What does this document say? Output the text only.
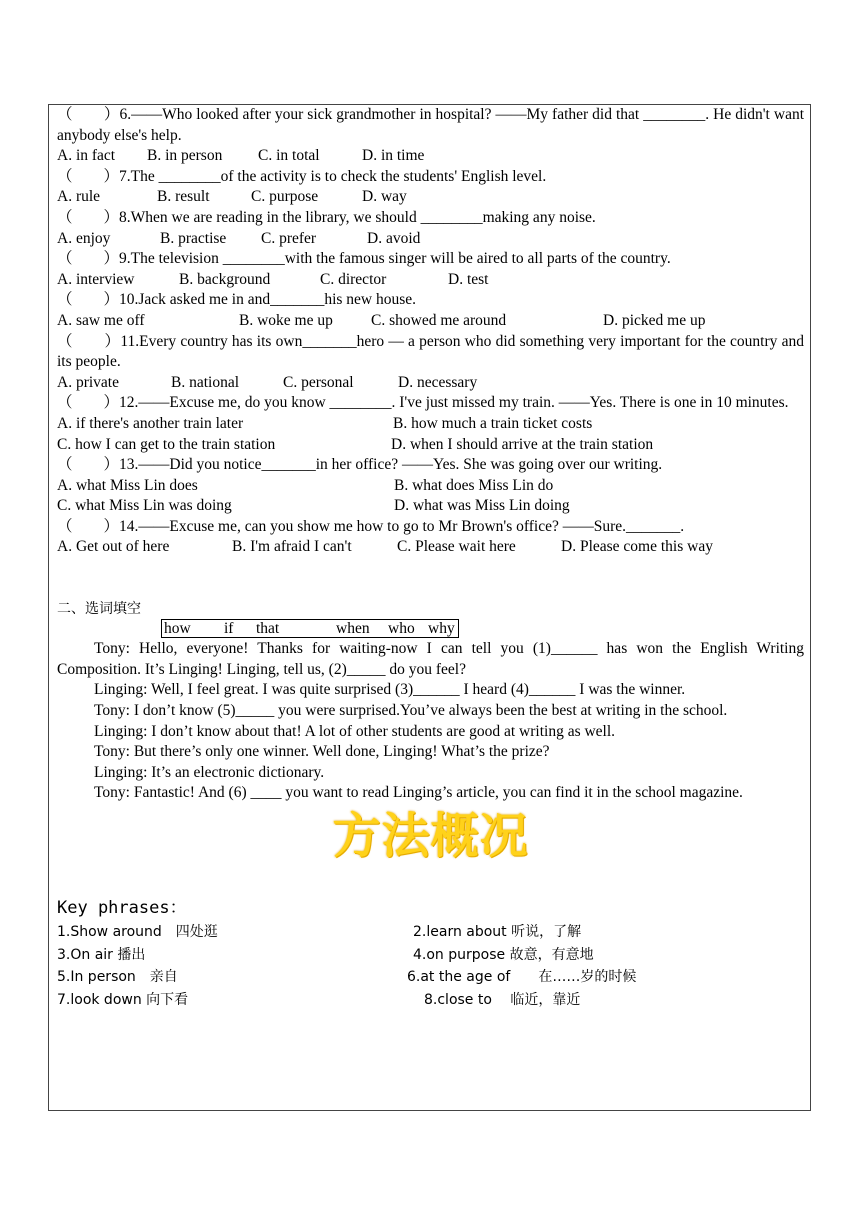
（　　）6.——Who looked after your sick grandmother in hospital? ——My father did that ________. He didn't want anybody else's help.
A. in fact B. in person C. in total	D. in time
（　　）7.The ________of the activity is to check the students' English level.
A. rule	B. result	C. purpose	D. way
（　　）8.When we are reading in the library, we should ________making any noise.
A. enjoy	B. practise C. prefer	D. avoid
（　　）9.The television ________with the famous singer will be aired to all parts of the country.
A. interview	B. background	C. director	D. test
（　　）10.Jack asked me in and_______his new house.
A. saw me off	B. woke me up C. showed me around	D. picked me up
（　　）11.Every country has its own_______hero — a person who did something very important for the country and its people.
A. private	B. national	C. personal	D. necessary
（　　）12.——Excuse me, do you know ________. I've just missed my train. ——Yes. There is one in 10 minutes.
A. if there's another train later	B. how much a train ticket costs
C. how I can get to the train station	D. when I should arrive at the train station
（　　）13.——Did you notice_______in her office? ——Yes. She was going over our writing.
A. what Miss Lin does	B. what does Miss Lin do
C. what Miss Lin was doing	D. what was Miss Lin doing
（　　）14.——Excuse me, can you show me how to go to Mr Brown's office? ——Sure._______.
A. Get out of here	B. I'm afraid I can't	C. Please wait here	D. Please come this way
二、选词填空
how	if	that	when	who why
Tony: Hello, everyone! Thanks for waiting-now I can tell you (1)______ has won the English Writing Composition. It’s Linging! Linging, tell us, (2)_____ do you feel?
Linging: Well, I feel great. I was quite surprised (3)______ I heard (4)______ I was the winner.
Tony: I don’t know (5)_____ you were surprised.You’ve always been the best at writing in the school.
Linging: I don’t know about that! A lot of other students are good at writing as well.
Tony: But there’s only one winner. Well done, Linging! What’s the prize?
Linging: It’s an electronic dictionary.
Tony: Fantastic! And (6) ____ you want to read Linging’s article, you can find it in the school magazine.
方法概况
Key phrases：
1.Show around　四处逛	2.learn about 听说，了解
3.On air 播出	4.on purpose 故意，有意地
5.In person　亲自	6.at the age of　　在……岁的时候
7.look down 向下看	8.close to　 临近，靠近
